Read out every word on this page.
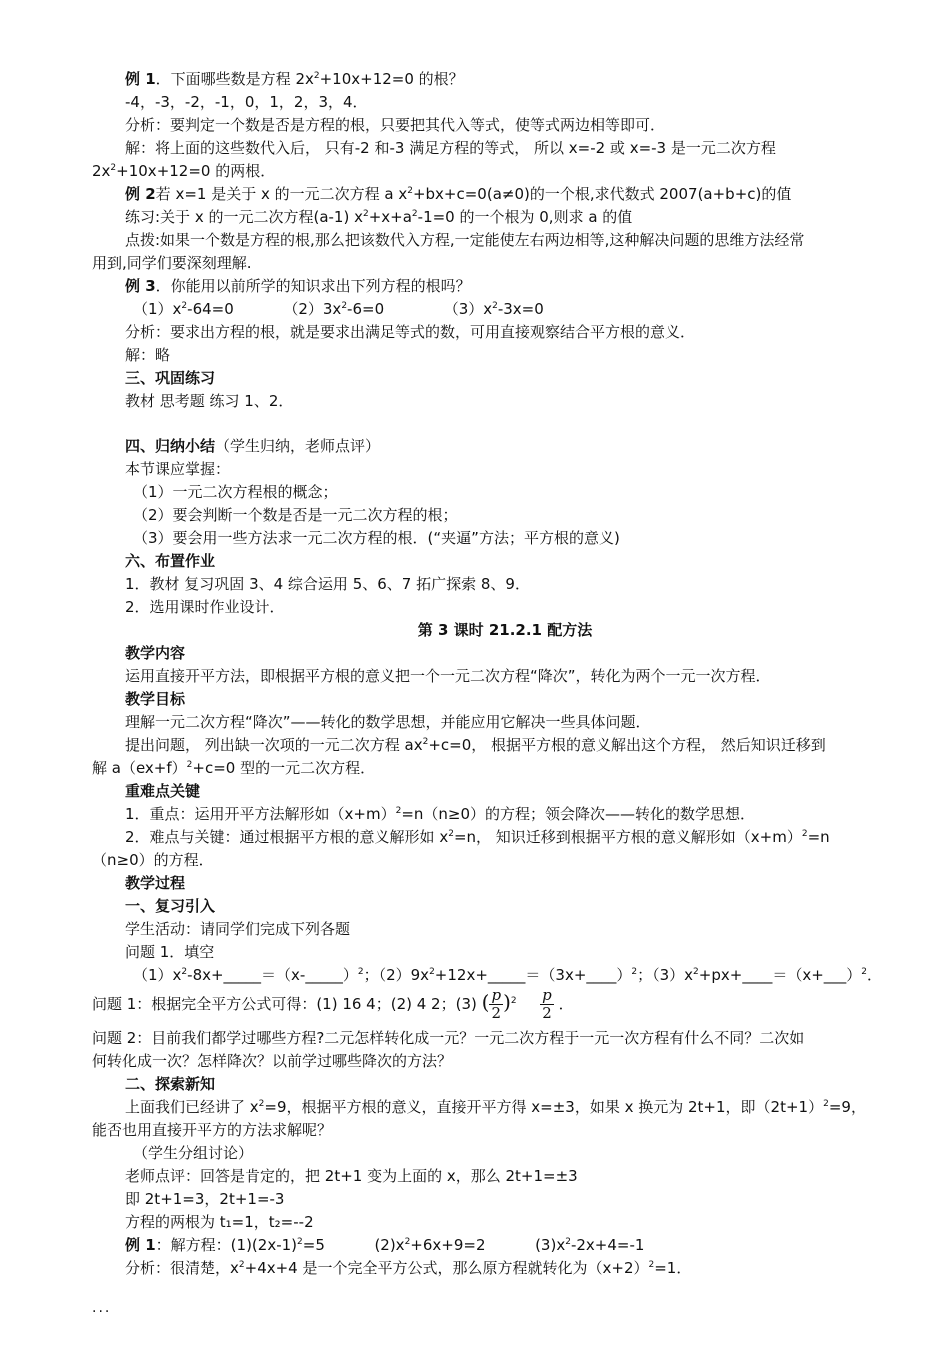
例 1．下面哪些数是方程 $2x^2+10x+12=0$ 的根？
-4，-3，-2，-1，0，1，2，3，4．
分析：要判定一个数是否是方程的根，只要把其代入等式，使等式两边相等即可．
解：将上面的这些数代入后， 只有-2 和-3 满足方程的等式， 所以 x=-2 或 x=-3 是一元二次方程
$2x^2+10x+12=0$ 的两根．
例 2若 x=1 是关于 x 的一元二次方程 a $x^2+bx+c=0(a\ne 0)$的一个根,求代数式 2007(a+b+c)的值
练习:关于 x 的一元二次方程(a-1) $x^2+x+a^2-1=0$ 的一个根为 0,则求 a 的值
点拨:如果一个数是方程的根,那么把该数代入方程,一定能使左右两边相等,这种解决问题的思维方法经常
用到,同学们要深刻理解.
例 3．你能用以前所学的知识求出下列方程的根吗？
$(1)x^2-64=0$	$(2)3x^2-6=0$	$(3)x^2-3x=0$
分析：要求出方程的根，就是要求出满足等式的数，可用直接观察结合平方根的意义．
解：略
三、巩固练习
教材 思考题 练习 1、2．
四、归纳小结（学生归纳，老师点评）
本节课应掌握：
（1）一元二次方程根的概念；
（2）要会判断一个数是否是一元二次方程的根；
（3）要会用一些方法求一元二次方程的根．(“夹逼”方法；平方根的意义)
六、布置作业
1．教材 复习巩固 3、4 综合运用 5、6、7 拓广探索 8、9．
2．选用课时作业设计．
第 3 课时 21.2.1 配方法
教学内容
运用直接开平方法，即根据平方根的意义把一个一元二次方程“降次”，转化为两个一元一次方程．
教学目标
理解一元二次方程“降次”——转化的数学思想，并能应用它解决一些具体问题．
提出问题， 列出缺一次项的一元二次方程 $ax^2+c=0$， 根据平方根的意义解出这个方程， 然后知识迁移到
解 $a(ex+f)^2+c=0$ 型的一元二次方程．
重难点关键
1．重点：运用开平方法解形如$(x+m)^2=n(n\ge 0)$的方程；领会降次——转化的数学思想．
2．难点与关键：通过根据平方根的意义解形如 $x^2=n$， 知识迁移到根据平方根的意义解形如$(x+m)^2=n$
（n≥0）的方程．
教学过程
一、复习引入
学生活动：请同学们完成下列各题
问题 1．填空
$(1)x^2-8x+\_\_\_\_\_=(x-\_\_\_\_\_)^2$；$(2)9x^2+12x+\_\_\_\_\_=(3x+\_\_\_\_)^2$；$(3)x^2+px+\_\_\_\_=(x+\_\_\_)^2$．
问题 1：根据完全平方公式可得：(1) 16 4；(2) 4 2；(3) ( $\frac{p}{2} )^2 \frac{p}{2}$ ．
问题 2：目前我们都学过哪些方程?二元怎样转化成一元？一元二次方程于一元一次方程有什么不同？二次如
何转化成一次？怎样降次？以前学过哪些降次的方法？
二、探索新知
上面我们已经讲了 $x^2=9$，根据平方根的意义，直接开平方得 x=±3，如果 x 换元为 2t+1，即$(2t+1)^2=9$，
能否也用直接开平方的方法求解呢？
（学生分组讨论）
老师点评：回答是肯定的，把 2t+1 变为上面的 x，那么 2t+1=±3
即 2t+1=3，2t+1=-3
方程的两根为 t₁=1，t₂=--2
例 1：解方程：$(1)(2x-1)^2=5$	$(2)x^2+6x+9=2$	$(3)x^2-2x+4=-1$
分析：很清楚，$x^2+4x+4$ 是一个完全平方公式，那么原方程就转化为$(x+2)^2=1$．
...
